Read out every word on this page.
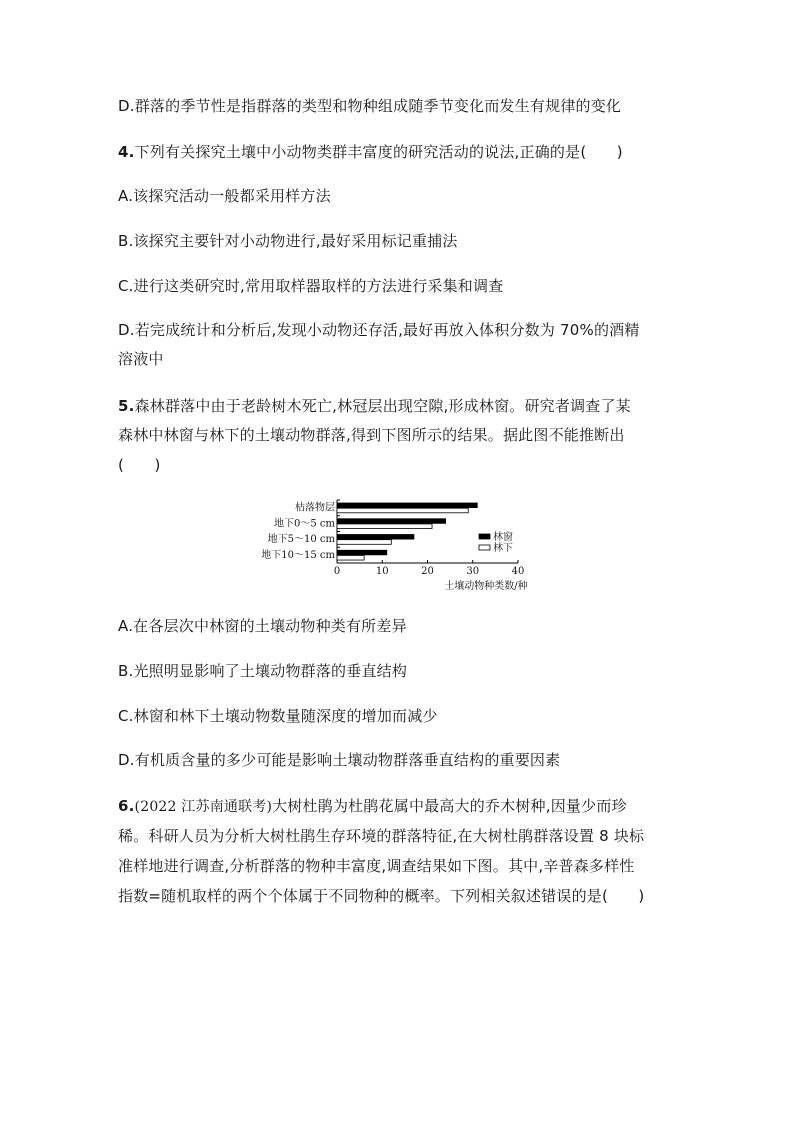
D.群落的季节性是指群落的类型和物种组成随季节变化而发生有规律的变化
4.下列有关探究土壤中小动物类群丰富度的研究活动的说法,正确的是(　　)
A.该探究活动一般都采用样方法
B.该探究主要针对小动物进行,最好采用标记重捕法
C.进行这类研究时,常用取样器取样的方法进行采集和调查
D.若完成统计和分析后,发现小动物还存活,最好再放入体积分数为 70%的酒精
溶液中
5.森林群落中由于老龄树木死亡,林冠层出现空隙,形成林窗。研究者调查了某
森林中林窗与林下的土壤动物群落,得到下图所示的结果。据此图不能推断出
(　　)
0	10	20	30	40
土壤动物种类数/种
枯落物层
地下0～5 cm
地下5～10 cm
地下10～15 cm
林窗
林下
A.在各层次中林窗的土壤动物种类有所差异
B.光照明显影响了土壤动物群落的垂直结构
C.林窗和林下土壤动物数量随深度的增加而减少
D.有机质含量的多少可能是影响土壤动物群落垂直结构的重要因素
6.(2022 江苏南通联考)大树杜鹃为杜鹃花属中最高大的乔木树种,因量少而珍
稀。科研人员为分析大树杜鹃生存环境的群落特征,在大树杜鹃群落设置 8 块标
准样地进行调查,分析群落的物种丰富度,调查结果如下图。其中,辛普森多样性
指数=随机取样的两个个体属于不同物种的概率。下列相关叙述错误的是(　　)
